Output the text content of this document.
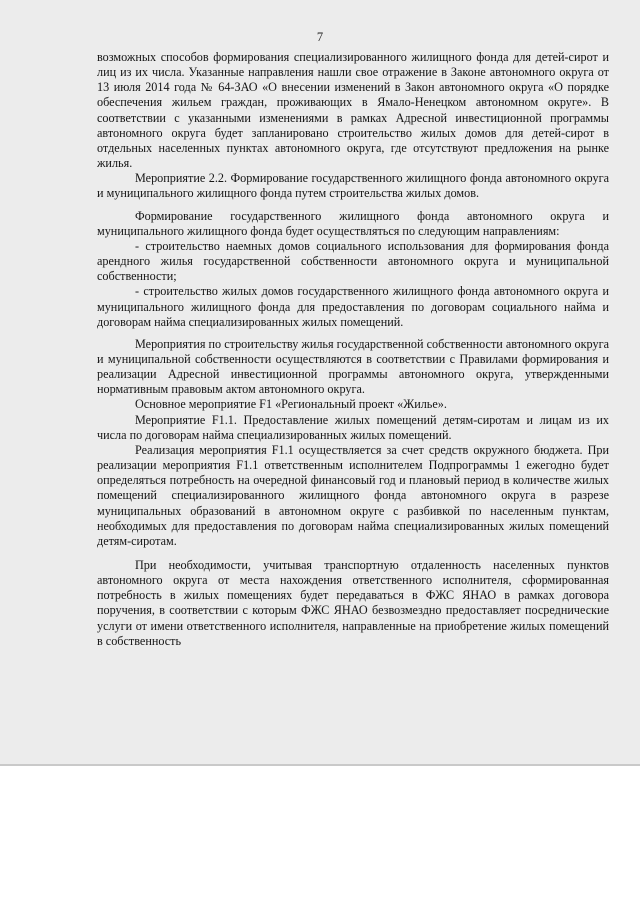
7

возможных способов формирования специализированного жилищного фонда для детей-сирот и лиц из их числа. Указанные направления нашли свое отражение в Законе автономного округа от 13 июля 2014 года № 64-ЗАО «О внесении изменений в Закон автономного округа «О порядке обеспечения жильем граждан, проживающих в Ямало-Ненецком автономном округе». В соответствии с указанными изменениями в рамках Адресной инвестиционной программы автономного округа будет запланировано строительство жилых домов для детей-сирот в отдельных населенных пунктах автономного округа, где отсутствуют предложения на рынке жилья.

Мероприятие 2.2. Формирование государственного жилищного фонда автономного округа и муниципального жилищного фонда путем строительства жилых домов.

Формирование государственного жилищного фонда автономного округа и муниципального жилищного фонда будет осуществляться по следующим направлениям:

- строительство наемных домов социального использования для формирования фонда арендного жилья государственной собственности автономного округа и муниципальной собственности;

- строительство жилых домов государственного жилищного фонда автономного округа и муниципального жилищного фонда для предоставления по договорам социального найма и договорам найма специализированных жилых помещений.

Мероприятия по строительству жилья государственной собственности автономного округа и муниципальной собственности осуществляются в соответствии с Правилами формирования и реализации Адресной инвестиционной программы автономного округа, утвержденными нормативным правовым актом автономного округа.

Основное мероприятие F1 «Региональный проект «Жилье».

Мероприятие F1.1. Предоставление жилых помещений детям-сиротам и лицам из их числа по договорам найма специализированных жилых помещений.

Реализация мероприятия F1.1 осуществляется за счет средств окружного бюджета. При реализации мероприятия F1.1 ответственным исполнителем Подпрограммы 1 ежегодно будет определяться потребность на очередной финансовый год и плановый период в количестве жилых помещений специализированного жилищного фонда автономного округа в разрезе муниципальных образований в автономном округе с разбивкой по населенным пунктам, необходимых для предоставления по договорам найма специализированных жилых помещений детям-сиротам.

При необходимости, учитывая транспортную отдаленность населенных пунктов автономного округа от места нахождения ответственного исполнителя, сформированная потребность в жилых помещениях будет передаваться в ФЖС ЯНАО в рамках договора поручения, в соответствии с которым ФЖС ЯНАО безвозмездно предоставляет посреднические услуги от имени ответственного исполнителя, направленные на приобретение жилых помещений в собственность
